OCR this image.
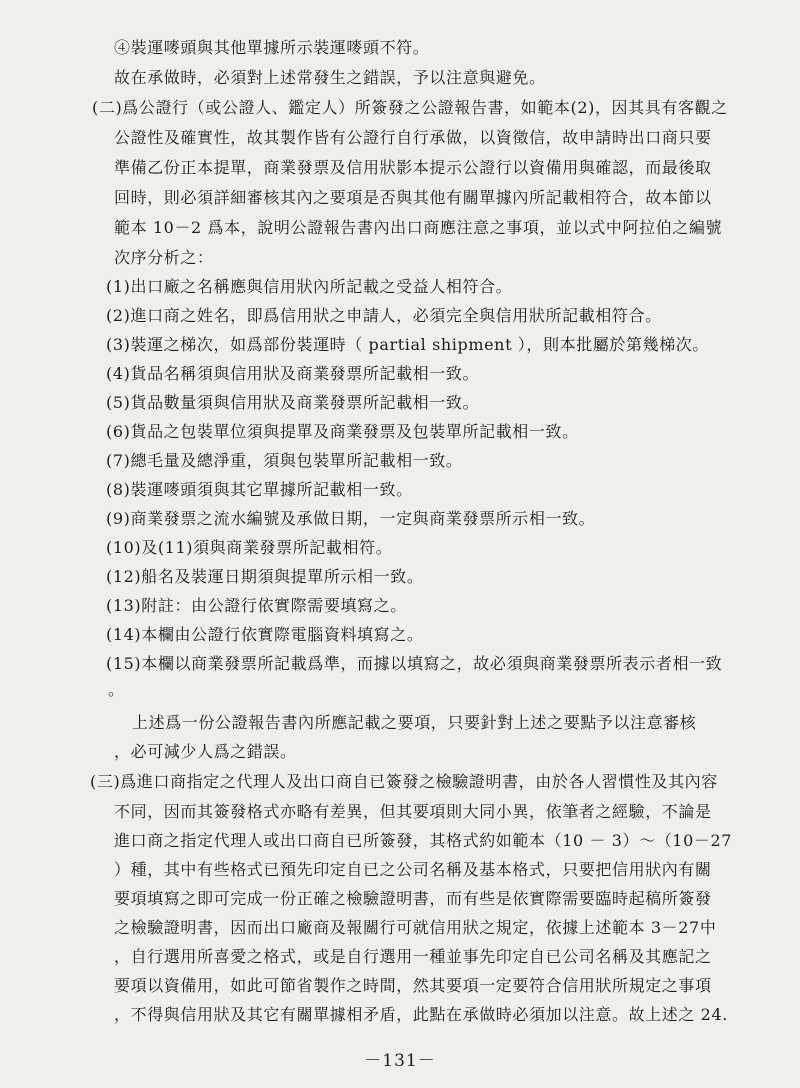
④裝運嘜頭與其他單據所示裝運嘜頭不符。
故在承做時，必須對上述常發生之錯誤，予以注意與避免。
(二)爲公證行（或公證人、鑑定人）所簽發之公證報告書，如範本(2)，因其具有客觀之
公證性及確實性，故其製作皆有公證行自行承做，以資徵信，故申請時出口商只要
準備乙份正本提單，商業發票及信用狀影本提示公證行以資備用與確認，而最後取
回時，則必須詳細審核其內之要項是否與其他有關單據內所記載相符合，故本節以
範本 10－2 爲本，說明公證報告書內出口商應注意之事項，並以式中阿拉伯之編號
次序分析之：
(1)出口廠之名稱應與信用狀內所記載之受益人相符合。
(2)進口商之姓名，即爲信用狀之申請人，必須完全與信用狀所記載相符合。
(3)裝運之梯次，如爲部份裝運時（ partial shipment ），則本批屬於第幾梯次。
(4)貨品名稱須與信用狀及商業發票所記載相一致。
(5)貨品數量須與信用狀及商業發票所記載相一致。
(6)貨品之包裝單位須與提單及商業發票及包裝單所記載相一致。
(7)總毛量及總淨重，須與包裝單所記載相一致。
(8)裝運嘜頭須與其它單據所記載相一致。
(9)商業發票之流水編號及承做日期，一定與商業發票所示相一致。
(10)及(11)須與商業發票所記載相符。
(12)船名及裝運日期須與提單所示相一致。
(13)附註：由公證行依實際需要填寫之。
(14)本欄由公證行依實際電腦資料填寫之。
(15)本欄以商業發票所記載爲準，而據以填寫之，故必須與商業發票所表示者相一致
。
上述爲一份公證報告書內所應記載之要項，只要針對上述之要點予以注意審核
，必可減少人爲之錯誤。
(三)爲進口商指定之代理人及出口商自已簽發之檢驗證明書，由於各人習慣性及其內容
不同，因而其簽發格式亦略有差異，但其要項則大同小異，依筆者之經驗，不論是
進口商之指定代理人或出口商自已所簽發，其格式約如範本（10 － 3）～（10－27
）種，其中有些格式已預先印定自已之公司名稱及基本格式，只要把信用狀內有關
要項填寫之即可完成一份正確之檢驗證明書，而有些是依實際需要臨時起稿所簽發
之檢驗證明書，因而出口廠商及報關行可就信用狀之規定，依據上述範本 3－27中
，自行選用所喜愛之格式，或是自行選用一種並事先印定自已公司名稱及其應記之
要項以資備用，如此可節省製作之時間，然其要項一定要符合信用狀所規定之事項
，不得與信用狀及其它有關單據相矛盾，此點在承做時必須加以注意。故上述之 24.
－131－
